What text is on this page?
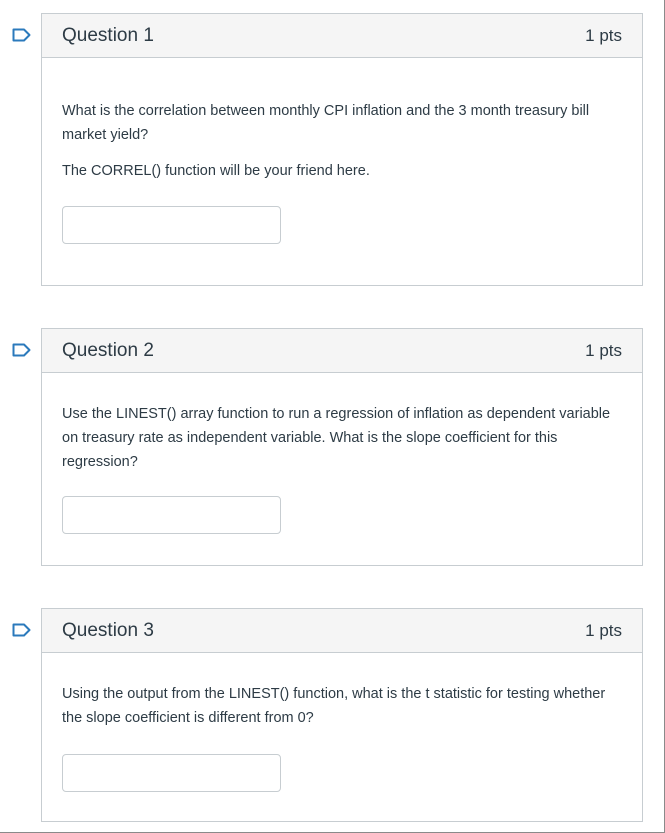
Question 1	1 pts

What is the correlation between monthly CPI inflation and the 3 month treasury bill market yield?

The CORREL() function will be your friend here.

Question 2	1 pts

Use the LINEST() array function to run a regression of inflation as dependent variable on treasury rate as independent variable. What is the slope coefficient for this regression?

Question 3	1 pts

Using the output from the LINEST() function, what is the t statistic for testing whether the slope coefficient is different from 0?
